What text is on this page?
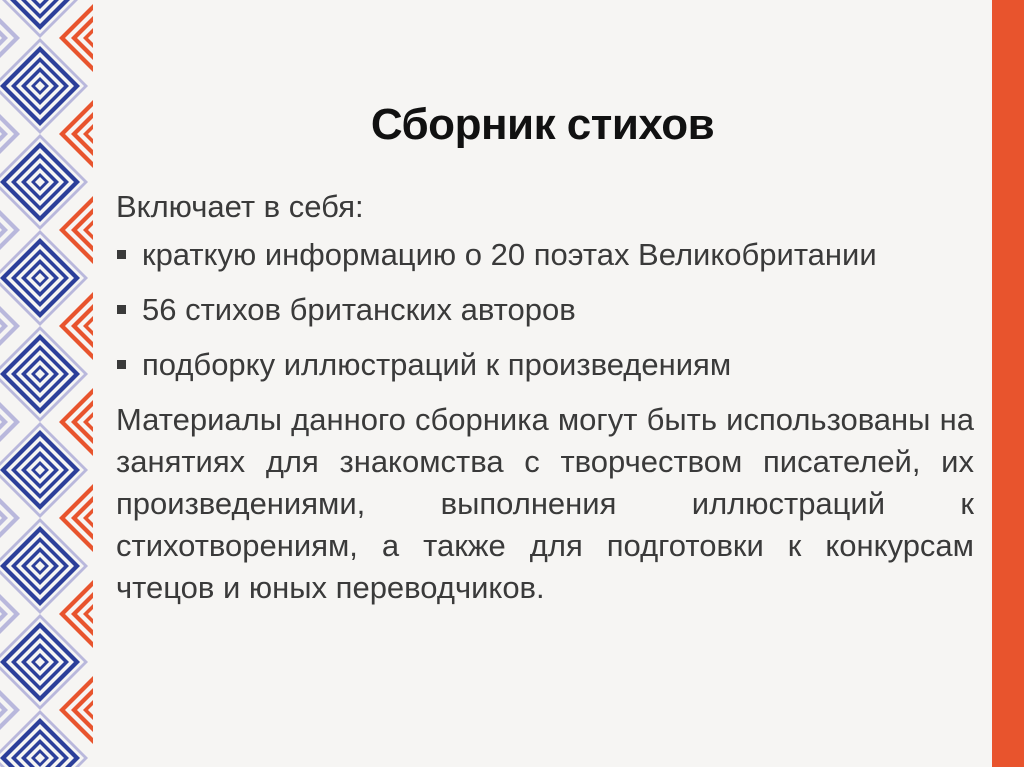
Сборник стихов

Включает в себя:

краткую информацию о 20 поэтах Великобритании
56 стихов британских авторов
подборку иллюстраций к произведениям

Материалы данного сборника могут быть использованы на занятиях для знакомства с творчеством писателей, их произведениями, выполнения иллюстраций к стихотворениям, а также для подготовки к конкурсам чтецов и юных переводчиков.
